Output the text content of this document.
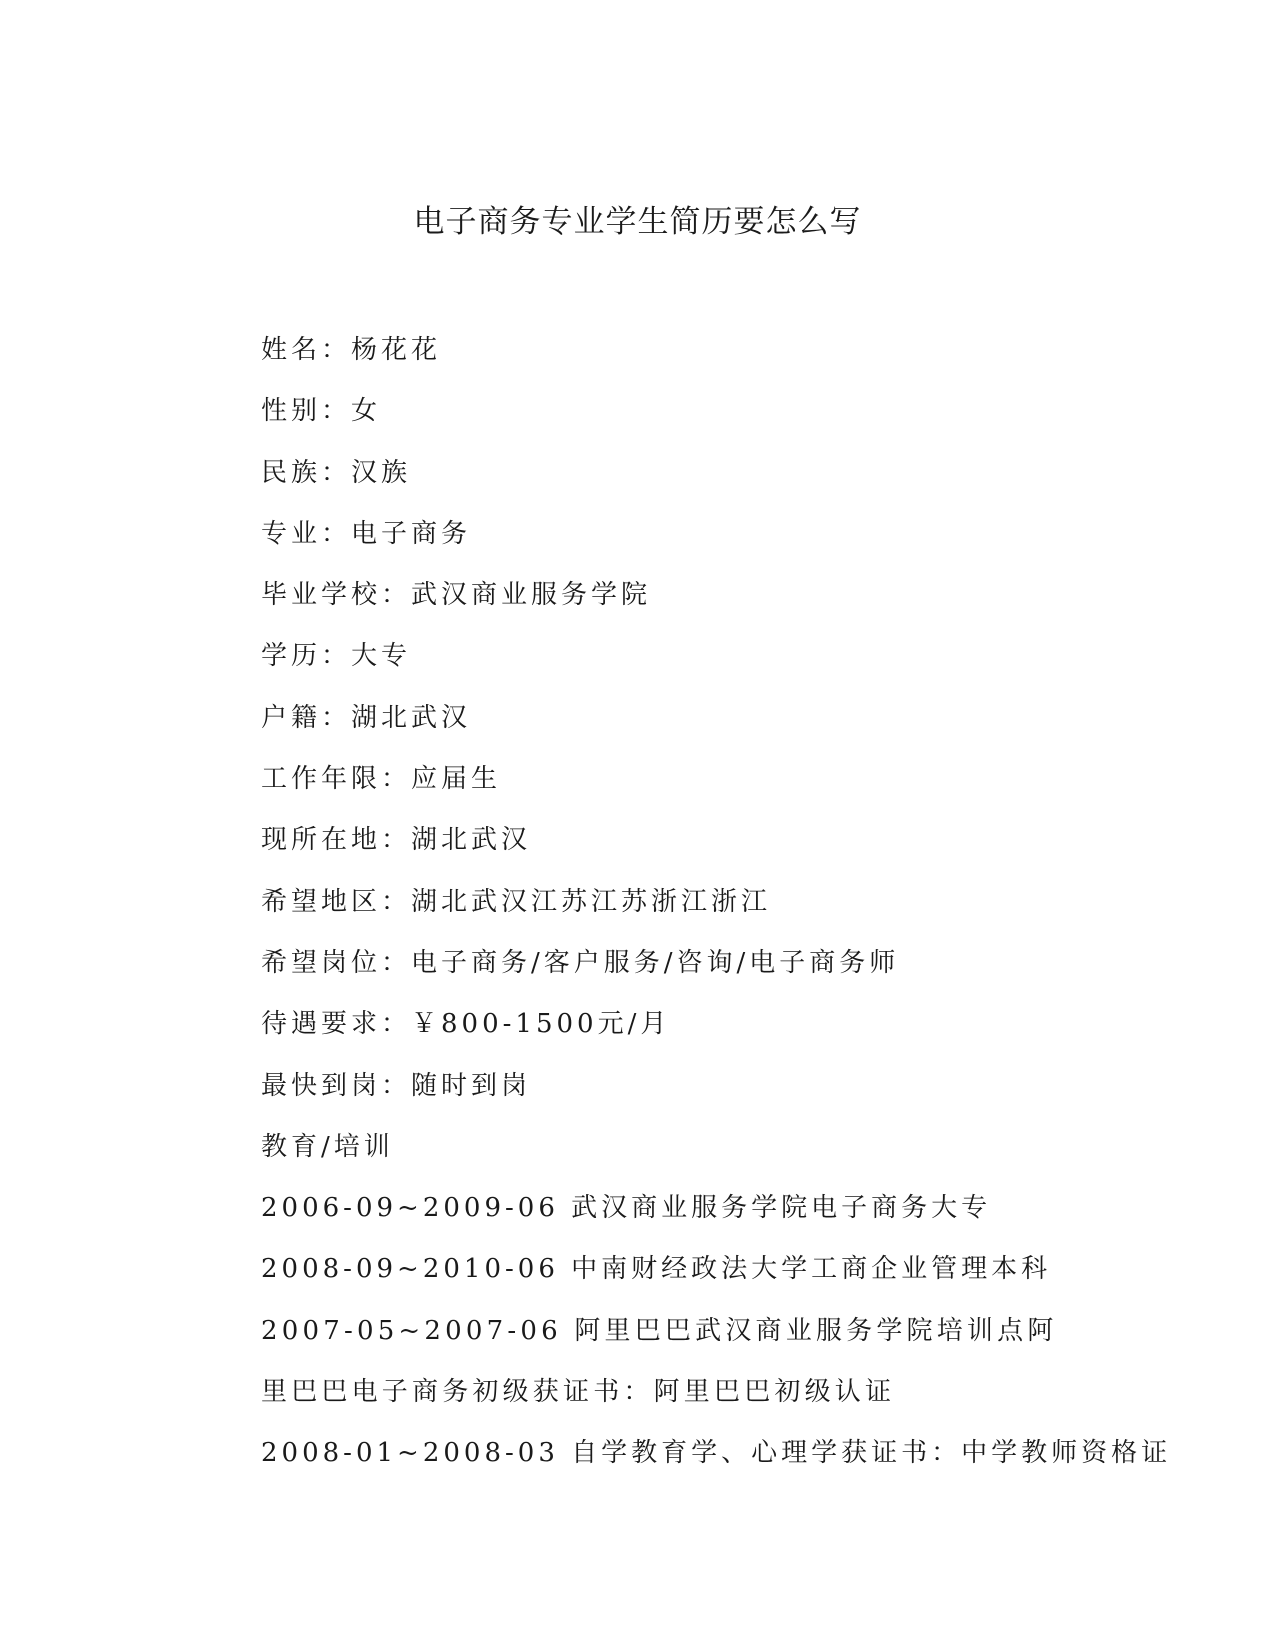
电子商务专业学生简历要怎么写
姓名：杨花花
性别：女
民族：汉族
专业：电子商务
毕业学校：武汉商业服务学院
学历：大专
户籍：湖北武汉
工作年限：应届生
现所在地：湖北武汉
希望地区：湖北武汉江苏江苏浙江浙江
希望岗位：电子商务/客户服务/咨询/电子商务师
待遇要求：￥800-1500元/月
最快到岗：随时到岗
教育/培训
2006-09~2009-06 武汉商业服务学院电子商务大专
2008-09~2010-06 中南财经政法大学工商企业管理本科
2007-05~2007-06 阿里巴巴武汉商业服务学院培训点阿里巴巴电子商务初级获证书：阿里巴巴初级认证
2008-01~2008-03 自学教育学、心理学获证书：中学教师资格证
